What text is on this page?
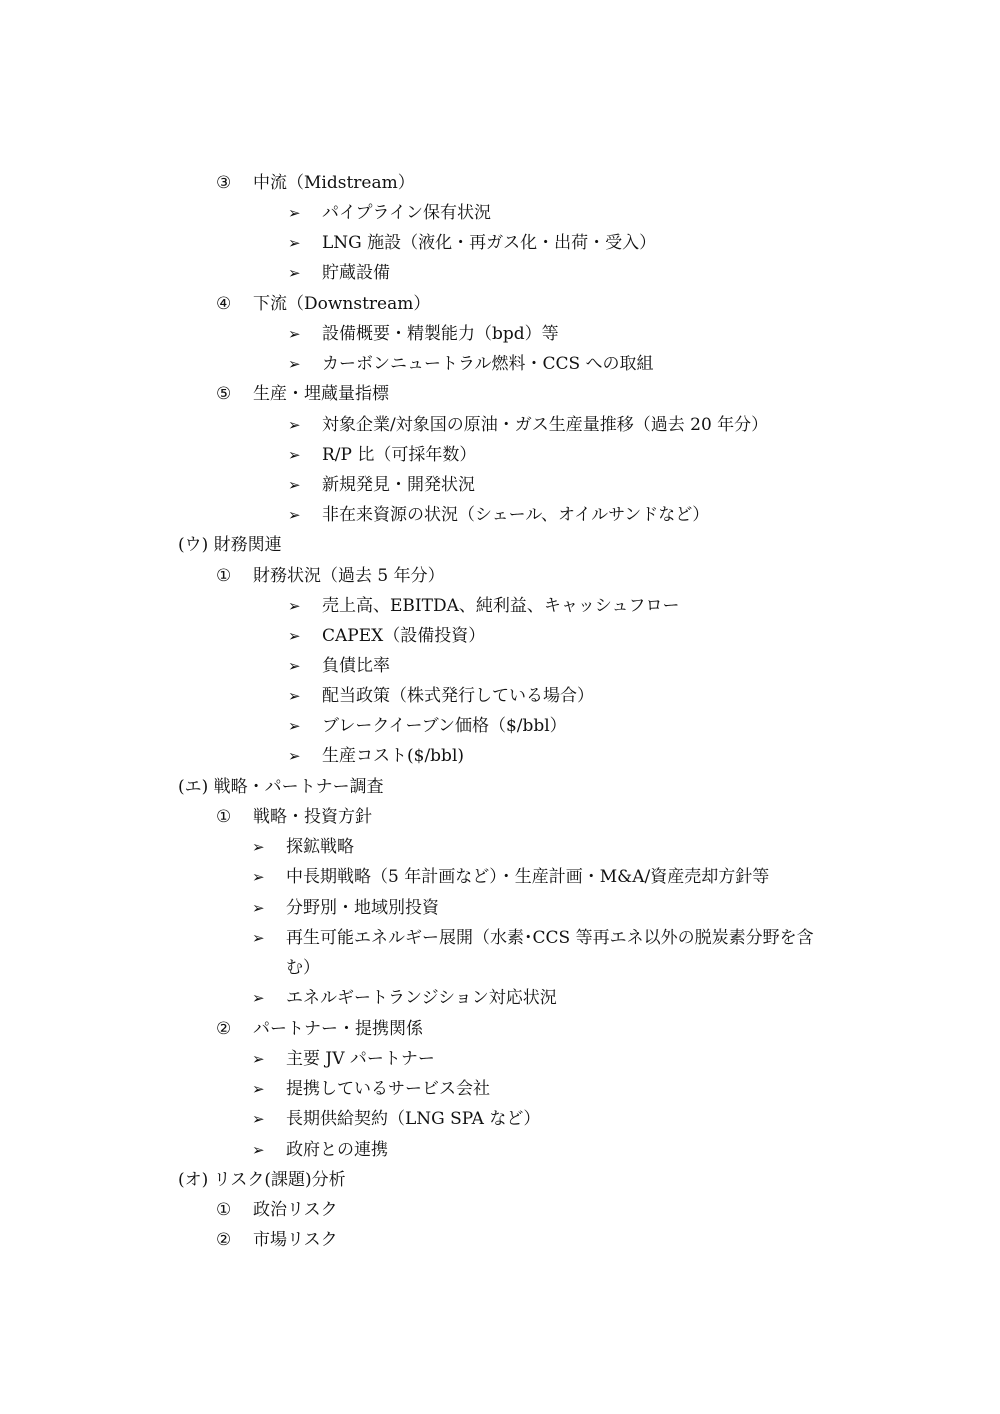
③ 中流（Midstream）
➢ パイプライン保有状況
➢ LNG 施設（液化・再ガス化・出荷・受入）
➢ 貯蔵設備
④ 下流（Downstream）
➢ 設備概要・精製能力（bpd）等
➢ カーボンニュートラル燃料・CCS への取組
⑤ 生産・埋蔵量指標
➢ 対象企業/対象国の原油・ガス生産量推移（過去 20 年分）
➢ R/P 比（可採年数）
➢ 新規発見・開発状況
➢ 非在来資源の状況（シェール、オイルサンドなど）
(ウ) 財務関連
① 財務状況（過去 5 年分）
➢ 売上高、EBITDA、純利益、キャッシュフロー
➢ CAPEX（設備投資）
➢ 負債比率
➢ 配当政策（株式発行している場合）
➢ ブレークイーブン価格（$/bbl）
➢ 生産コスト($/bbl)
(エ) 戦略・パートナー調査
① 戦略・投資方針
➢ 探鉱戦略
➢ 中長期戦略（5 年計画など）・生産計画・M&A/資産売却方針等
➢ 分野別・地域別投資
➢ 再生可能エネルギー展開（水素･CCS 等再エネ以外の脱炭素分野を含
む）
➢ エネルギートランジション対応状況
② パートナー・提携関係
➢ 主要 JV パートナー
➢ 提携しているサービス会社
➢ 長期供給契約（LNG SPA など）
➢ 政府との連携
(オ) リスク(課題)分析
① 政治リスク
② 市場リスク
